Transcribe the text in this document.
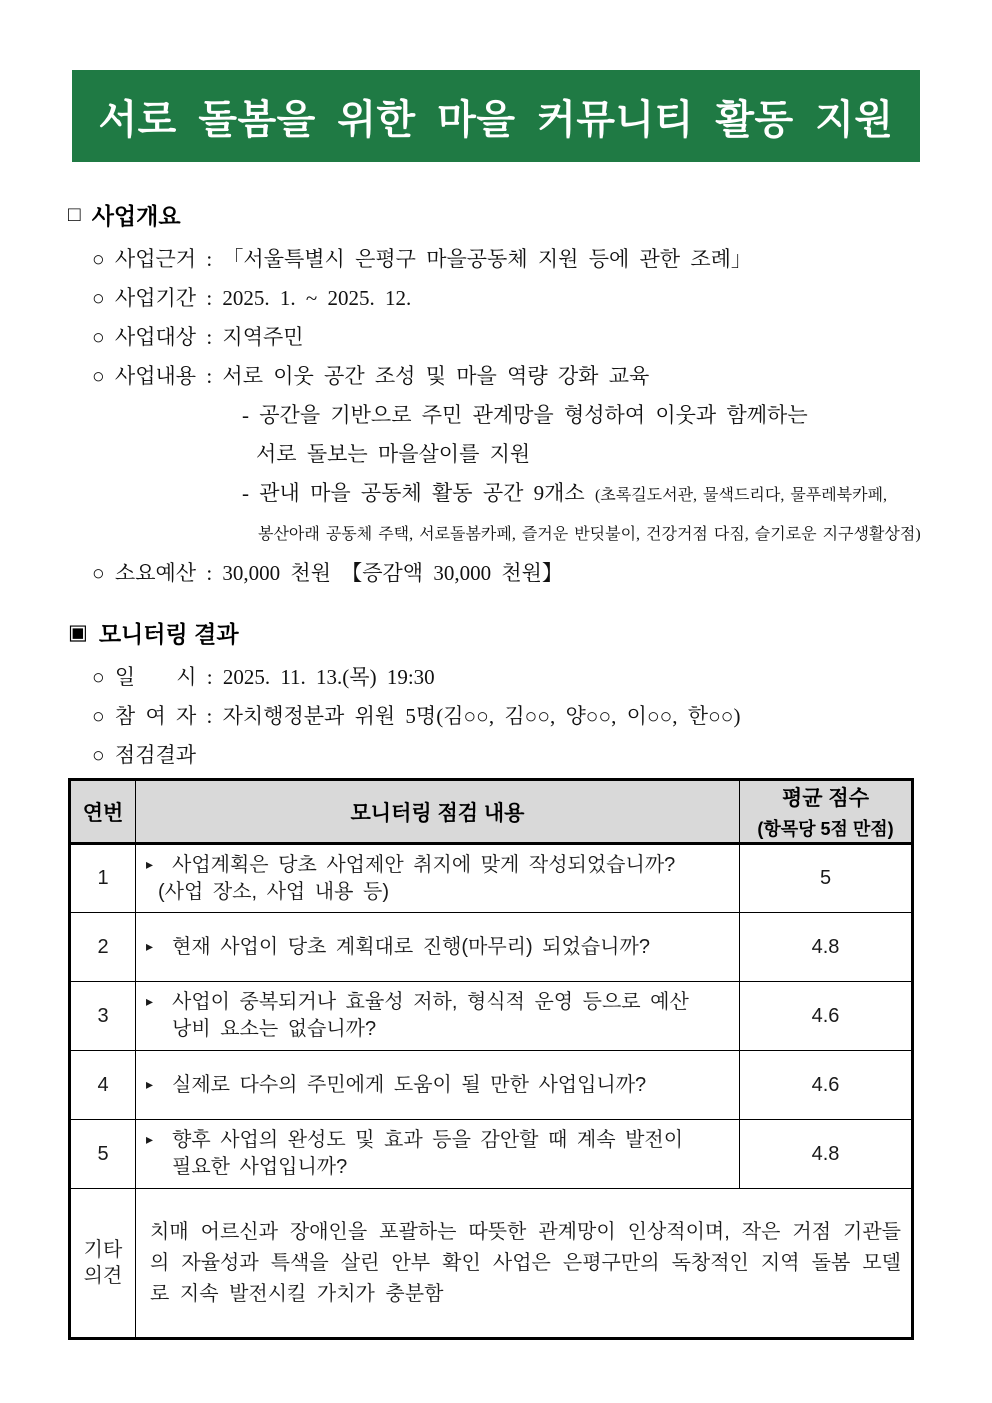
서로 돌봄을 위한 마을 커뮤니티 활동 지원
□ 사업개요
○ 사업근거 : 「서울특별시 은평구 마을공동체 지원 등에 관한 조례」
○ 사업기간 : 2025. 1. ~ 2025. 12.
○ 사업대상 : 지역주민
○ 사업내용 : 서로 이웃 공간 조성 및 마을 역량 강화 교육
- 공간을 기반으로 주민 관계망을 형성하여 이웃과 함께하는
서로 돌보는 마을살이를 지원
- 관내 마을 공동체 활동 공간 9개소 (초록길도서관, 물색드리다, 물푸레북카페,
봉산아래 공동체 주택, 서로돌봄카페, 즐거운 반딧불이, 건강거점 다짐, 슬기로운 지구생활상점)
○ 소요예산 : 30,000 천원 【증감액 30,000 천원】
▣ 모니터링 결과
○ 일    시 : 2025. 11. 13.(목) 19:30
○ 참 여 자 : 자치행정분과 위원 5명(김○○, 김○○, 양○○, 이○○, 한○○)
○ 점검결과
연번	모니터링 점검 내용	평균 점수
(항목당 5점 만점)

1	▸ 사업계획은 당초 사업제안 취지에 맞게 작성되었습니까?
(사업 장소, 사업 내용 등)	5
2	▸ 현재 사업이 당초 계획대로 진행(마무리) 되었습니까?	4.8
3	▸ 사업이 중복되거나 효율성 저하, 형식적 운영 등으로 예산
낭비 요소는 없습니까?	4.6
4	▸ 실제로 다수의 주민에게 도움이 될 만한 사업입니까?	4.6
5	▸ 향후 사업의 완성도 및 효과 등을 감안할 때 계속 발전이
필요한 사업입니까?	4.8

기타
의견	치매 어르신과 장애인을 포괄하는 따뜻한 관계망이 인상적이며, 작은 거점 기관들의 자율성과 특색을 살린 안부 확인 사업은 은평구만의 독창적인 지역 돌봄 모델로 지속 발전시킬 가치가 충분함	
